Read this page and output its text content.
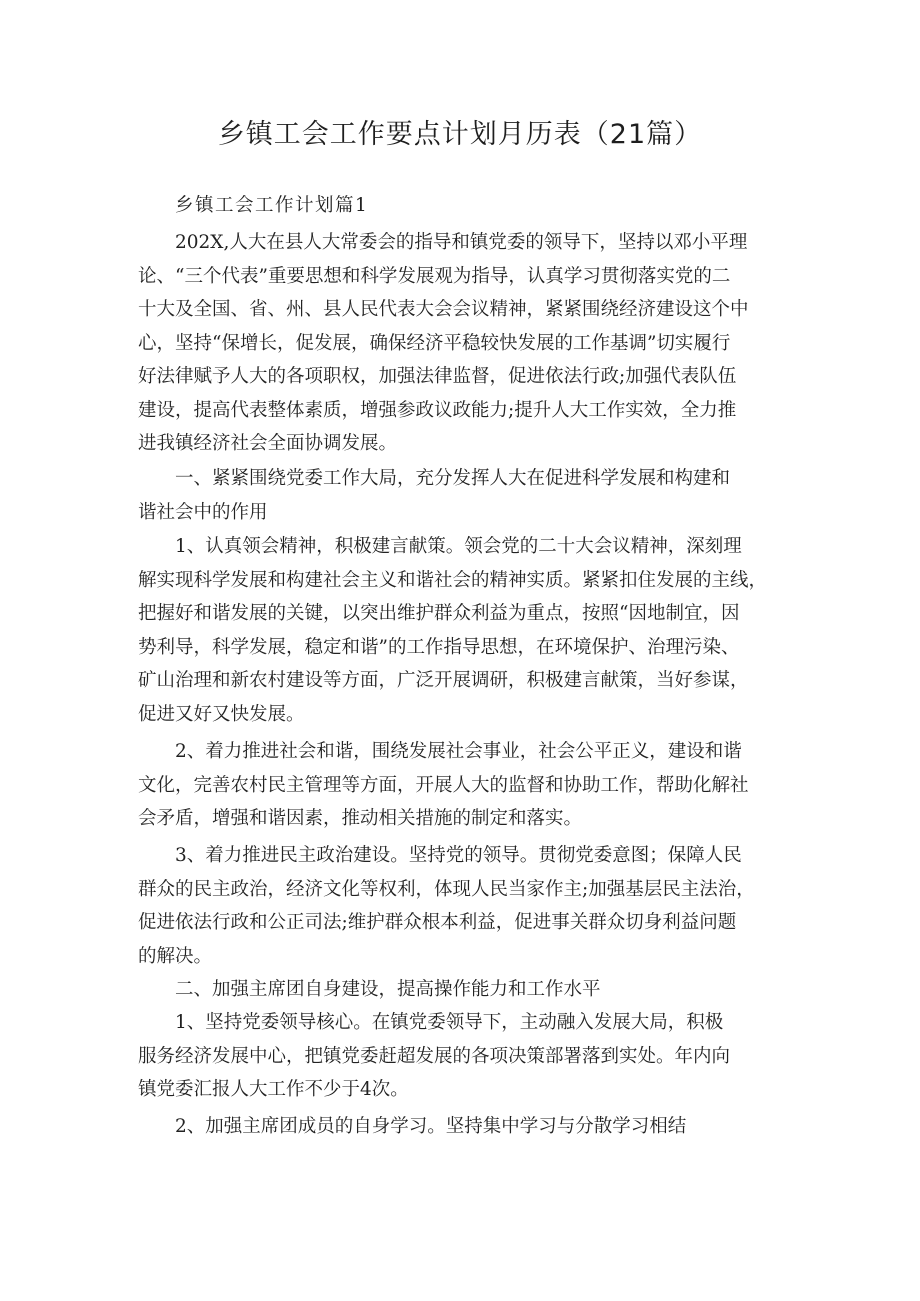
乡镇工会工作要点计划月历表（21篇）
乡镇工会工作计划篇1
202X,人大在县人大常委会的指导和镇党委的领导下，坚持以邓小平理
论、“三个代表”重要思想和科学发展观为指导，认真学习贯彻落实党的二
十大及全国、省、州、县人民代表大会会议精神，紧紧围绕经济建设这个中
心，坚持“保增长，促发展，确保经济平稳较快发展的工作基调”切实履行
好法律赋予人大的各项职权，加强法律监督，促进依法行政;加强代表队伍
建设，提高代表整体素质，增强参政议政能力;提升人大工作实效，全力推
进我镇经济社会全面协调发展。
一、紧紧围绕党委工作大局，充分发挥人大在促进科学发展和构建和
谐社会中的作用
1、认真领会精神，积极建言献策。领会党的二十大会议精神，深刻理
解实现科学发展和构建社会主义和谐社会的精神实质。紧紧扣住发展的主线，
把握好和谐发展的关键，以突出维护群众利益为重点，按照“因地制宜，因
势利导，科学发展，稳定和谐”的工作指导思想，在环境保护、治理污染、
矿山治理和新农村建设等方面，广泛开展调研，积极建言献策，当好参谋，
促进又好又快发展。
2、着力推进社会和谐，围绕发展社会事业，社会公平正义，建设和谐
文化，完善农村民主管理等方面，开展人大的监督和协助工作，帮助化解社
会矛盾，增强和谐因素，推动相关措施的制定和落实。
3、着力推进民主政治建设。坚持党的领导。贯彻党委意图；保障人民
群众的民主政治，经济文化等权利，体现人民当家作主;加强基层民主法治，
促进依法行政和公正司法;维护群众根本利益，促进事关群众切身利益问题
的解决。
二、加强主席团自身建设，提高操作能力和工作水平
1、坚持党委领导核心。在镇党委领导下，主动融入发展大局，积极
服务经济发展中心，把镇党委赶超发展的各项决策部署落到实处。年内向
镇党委汇报人大工作不少于4次。
2、加强主席团成员的自身学习。坚持集中学习与分散学习相结
